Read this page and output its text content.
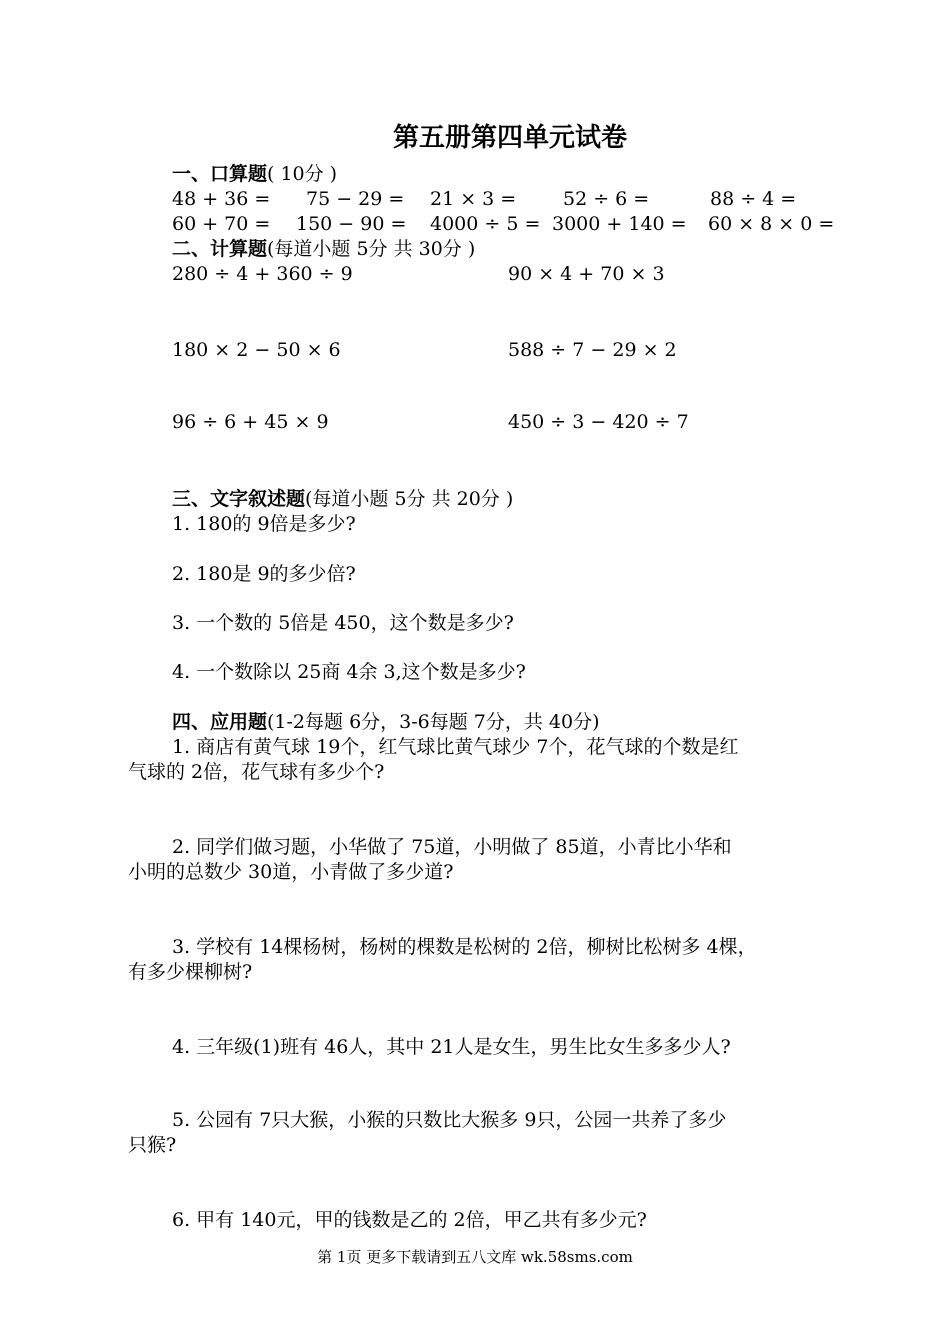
第五册第四单元试卷
一、口算题( 10分 )
48 + 36 = 75 − 29 = 21 × 3 = 52 ÷ 6 =	88 ÷ 4 =
60 + 70 = 150 − 90 = 4000 ÷ 5 = 3000 + 140 = 60 × 8 × 0 =
二、计算题(每道小题 5分 共 30分 )
280 ÷ 4 + 360 ÷ 9	90 × 4 + 70 × 3
180 × 2 − 50 × 6	588 ÷ 7 − 29 × 2
96 ÷ 6 + 45 × 9	450 ÷ 3 − 420 ÷ 7
三、文字叙述题(每道小题 5分 共 20分 )
1. 180的 9倍是多少?
2. 180是 9的多少倍?
3. 一个数的 5倍是 450，这个数是多少?
4. 一个数除以 25商 4余 3,这个数是多少?
四、应用题(1-2每题 6分，3-6每题 7分，共 40分)
1. 商店有黄气球 19个，红气球比黄气球少 7个，花气球的个数是红
气球的 2倍，花气球有多少个?
2. 同学们做习题，小华做了 75道，小明做了 85道，小青比小华和
小明的总数少 30道，小青做了多少道?
3. 学校有 14棵杨树，杨树的棵数是松树的 2倍，柳树比松树多 4棵，
有多少棵柳树?
4. 三年级(1)班有 46人，其中 21人是女生，男生比女生多多少人?
5. 公园有 7只大猴，小猴的只数比大猴多 9只，公园一共养了多少
只猴?
6. 甲有 140元，甲的钱数是乙的 2倍，甲乙共有多少元?
第 1页 更多下载请到五八文库 wk.58sms.com
